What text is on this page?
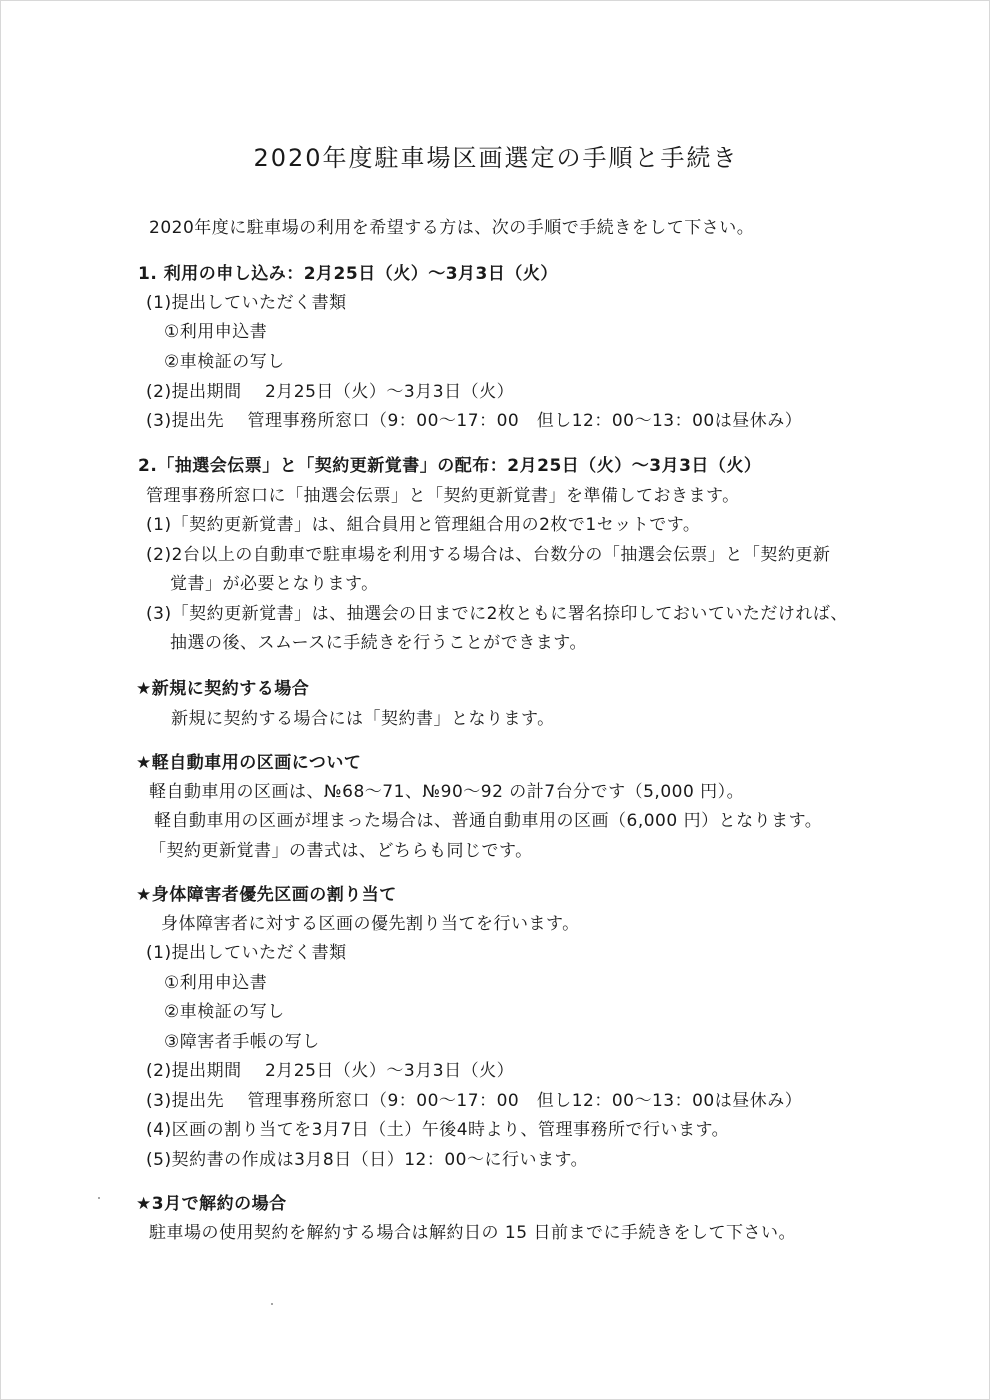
2020年度駐車場区画選定の手順と手続き
2020年度に駐車場の利用を希望する方は、次の手順で手続きをして下さい。
1. 利用の申し込み：2月25日（火）～3月3日（火）
(1)提出していただく書類
①利用申込書
②車検証の写し
(2)提出期間　 2月25日（火）～3月3日（火）
(3)提出先　 管理事務所窓口（9：00～17：00　但し12：00～13：00は昼休み）
2.「抽選会伝票」と「契約更新覚書」の配布：2月25日（火）～3月3日（火）
管理事務所窓口に「抽選会伝票」と「契約更新覚書」を準備しておきます。
(1)「契約更新覚書」は、組合員用と管理組合用の2枚で1セットです。
(2)2台以上の自動車で駐車場を利用する場合は、台数分の「抽選会伝票」と「契約更新
覚書」が必要となります。
(3)「契約更新覚書」は、抽選会の日までに2枚ともに署名捺印しておいていただければ、
抽選の後、スムースに手続きを行うことができます。
★新規に契約する場合
新規に契約する場合には「契約書」となります。
★軽自動車用の区画について
軽自動車用の区画は、№68～71、№90～92 の計7台分です（5,000 円）。
軽自動車用の区画が埋まった場合は、普通自動車用の区画（6,000 円）となります。
「契約更新覚書」の書式は、どちらも同じです。
★身体障害者優先区画の割り当て
身体障害者に対する区画の優先割り当てを行います。
(1)提出していただく書類
①利用申込書
②車検証の写し
③障害者手帳の写し
(2)提出期間　 2月25日（火）～3月3日（火）
(3)提出先　 管理事務所窓口（9：00～17：00　但し12：00～13：00は昼休み）
(4)区画の割り当てを3月7日（土）午後4時より、管理事務所で行います。
(5)契約書の作成は3月8日（日）12：00～に行います。
★3月で解約の場合
駐車場の使用契約を解約する場合は解約日の 15 日前までに手続きをして下さい。
